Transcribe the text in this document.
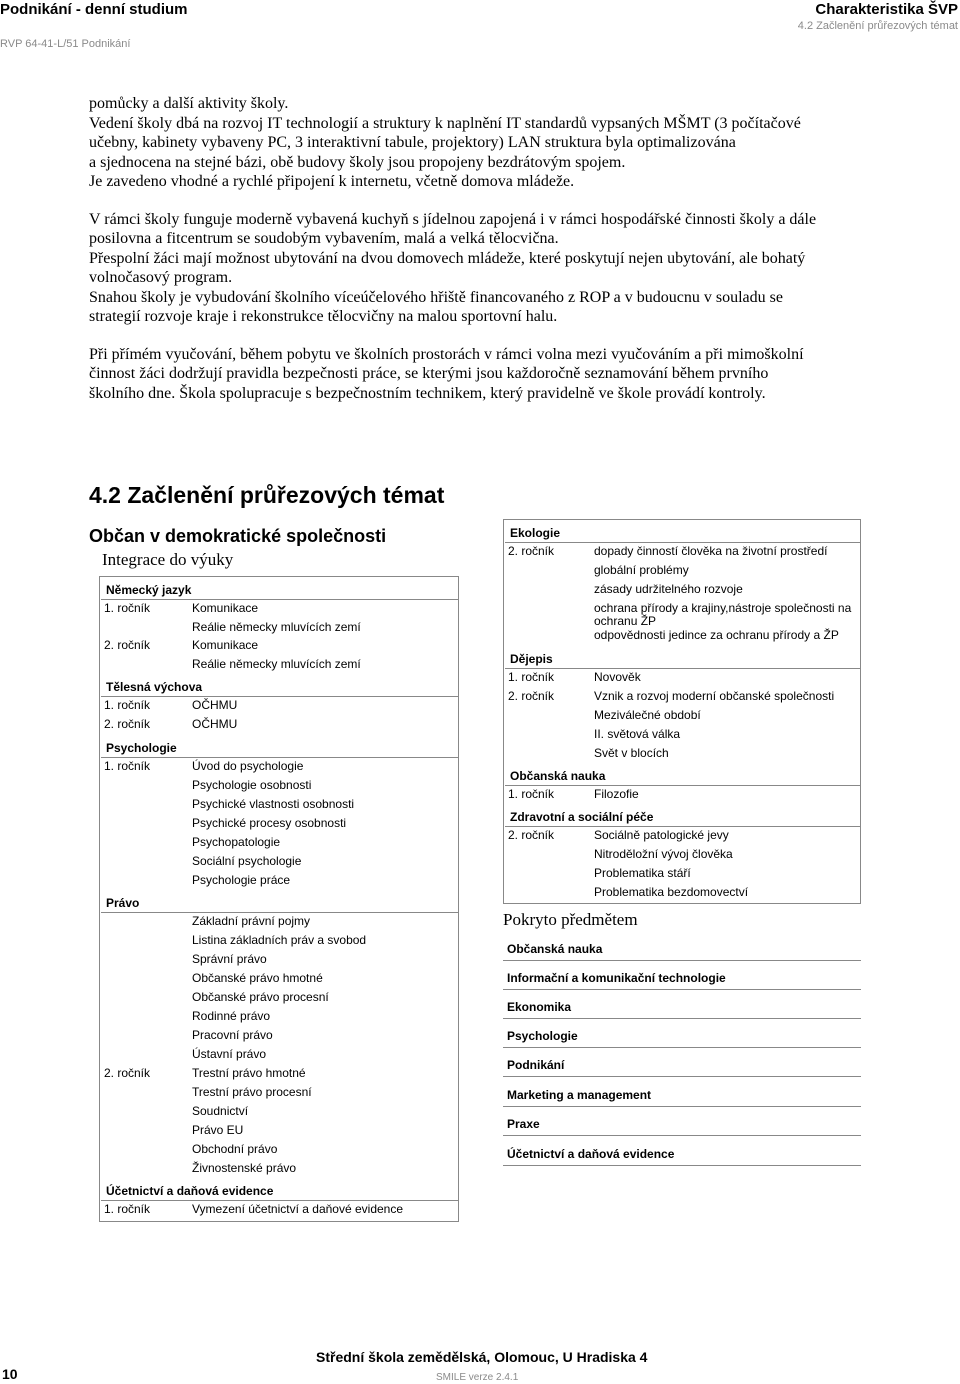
Podnikání - denní studium
RVP 64-41-L/51 Podnikání
Charakteristika ŠVP
4.2 Začlenění průřezových témat

pomůcky a další aktivity školy.

Vedení školy dbá na rozvoj IT technologií a struktury k naplnění IT standardů vypsaných MŠMT (3 počítačové

učebny, kabinety vybaveny PC, 3 interaktivní tabule, projektory) LAN struktura byla optimalizována

a sjednocena na stejné bázi, obě budovy školy jsou propojeny bezdrátovým spojem.

Je zavedeno vhodné a rychlé připojení k internetu, včetně domova mládeže.

V rámci školy funguje moderně vybavená kuchyň s jídelnou zapojená i v rámci hospodářské činnosti školy a dále

posilovna a fitcentrum se soudobým vybavením, malá a velká tělocvična.

Přespolní žáci mají možnost ubytování na dvou domovech mládeže, které poskytují nejen ubytování, ale bohatý

volnočasový program.

Snahou školy je vybudování školního víceúčelového hřiště financovaného z ROP a v budoucnu v souladu se

strategií rozvoje kraje i rekonstrukce tělocvičny na malou sportovní halu.

Při přímém vyučování, během pobytu ve školních prostorách v rámci volna mezi vyučováním a při mimoškolní

činnost žáci dodržují pravidla bezpečnosti práce, se kterými jsou každoročně seznamování během prvního

školního dne. Škola spolupracuje s bezpečnostním technikem, který pravidelně ve škole provádí kontroly.

4.2 Začlenění průřezových témat
Občan v demokratické společnosti
Integrace do výuky
Německý jazyk
1. ročník	Komunikace
Reálie německy mluvících zemí
2. ročník	Komunikace
Reálie německy mluvících zemí
Tělesná výchova
1. ročník	OČHMU
2. ročník	OČHMU
Psychologie
1. ročník	Úvod do psychologie
Psychologie osobnosti
Psychické vlastnosti osobnosti
Psychické procesy osobnosti
Psychopatologie
Sociální psychologie
Psychologie práce
Právo
Základní právní pojmy
Listina základních práv a svobod
Správní právo
Občanské právo hmotné
Občanské právo procesní
Rodinné právo
Pracovní právo
Ústavní právo
2. ročník	Trestní právo hmotné
Trestní právo procesní
Soudnictví
Právo EU
Obchodní právo
Živnostenské právo
Účetnictví a daňová evidence
1. ročník	Vymezení účetnictví a daňové evidence
Ekologie
2. ročník	dopady činností člověka na životní prostředí
globální problémy
zásady udržitelného rozvoje
ochrana přírody a krajiny,nástroje společnosti na
ochranu ŽP
odpovědnosti jedince za ochranu přírody a ŽP
Dějepis
1. ročník	Novověk
2. ročník	Vznik a rozvoj moderní občanské společnosti
Meziválečné období
II. světová válka
Svět v blocích
Občanská nauka
1. ročník	Filozofie
Zdravotní a sociální péče
2. ročník	Sociálně patologické jevy
Nitroděložní vývoj člověka
Problematika stáří
Problematika bezdomovectví
Pokryto předmětem
Občanská nauka
Informační a komunikační technologie
Ekonomika
Psychologie
Podnikání
Marketing a management
Praxe
Účetnictví a daňová evidence
10
Střední škola zemědělská, Olomouc, U Hradiska 4
SMILE verze 2.4.1
